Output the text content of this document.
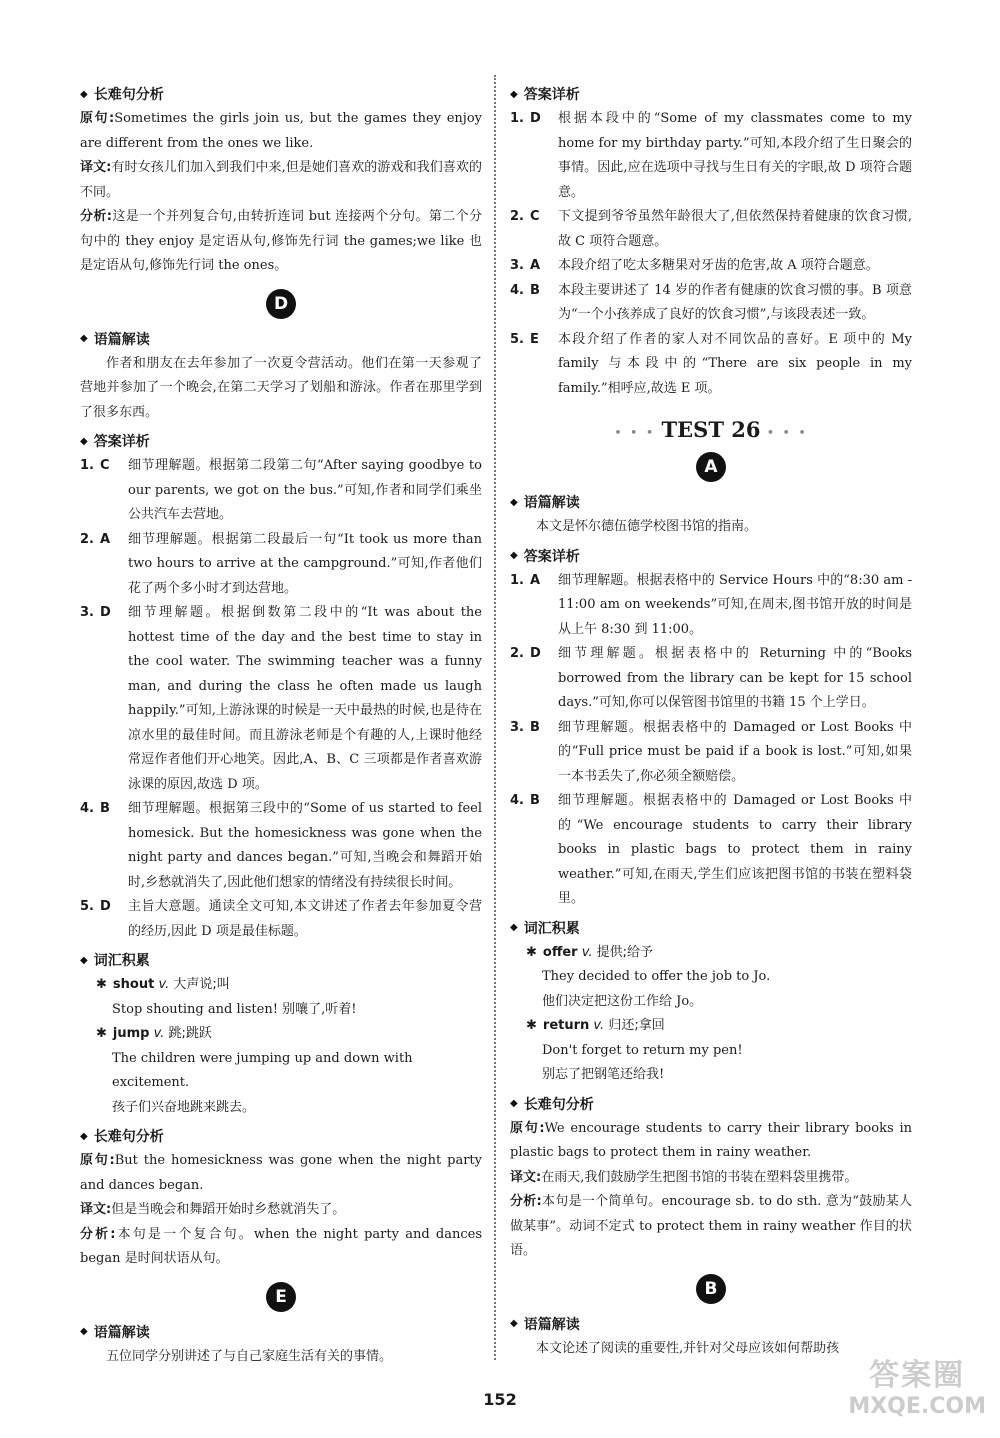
◆ 长难句分析

原句:Sometimes the girls join us, but the games they enjoy are different from the ones we like.

译文:有时女孩儿们加入到我们中来,但是她们喜欢的游戏和我们喜欢的不同。

分析:这是一个并列复合句,由转折连词 but 连接两个分句。第二个分句中的 they enjoy 是定语从句,修饰先行词 the games;we like 也是定语从句,修饰先行词 the ones。

D
◆ 语篇解读

作者和朋友在去年参加了一次夏令营活动。他们在第一天参观了营地并参加了一个晚会,在第二天学习了划船和游泳。作者在那里学到了很多东西。

◆ 答案详析
1. C	细节理解题。根据第二段第二句“After saying goodbye to our parents, we got on the bus.”可知,作者和同学们乘坐公共汽车去营地。
2. A	细节理解题。根据第二段最后一句“It took us more than two hours to arrive at the campground.”可知,作者他们花了两个多小时才到达营地。
3. D	细节理解题。根据倒数第二段中的“It was about the hottest time of the day and the best time to stay in the cool water. The swimming teacher was a funny man, and during the class he often made us laugh happily.”可知,上游泳课的时候是一天中最热的时候,也是待在凉水里的最佳时间。而且游泳老师是个有趣的人,上课时他经常逗作者他们开心地笑。因此,A、B、C 三项都是作者喜欢游泳课的原因,故选 D 项。
4. B	细节理解题。根据第三段中的“Some of us started to feel homesick. But the homesickness was gone when the night party and dances began.”可知,当晚会和舞蹈开始时,乡愁就消失了,因此他们想家的情绪没有持续很长时间。
5. D	主旨大意题。通读全文可知,本文讲述了作者去年参加夏令营的经历,因此 D 项是最佳标题。
◆ 词汇积累
✱ shout v. 大声说;叫
Stop shouting and listen! 别嚷了,听着!
✱ jump v. 跳;跳跃
The children were jumping up and down with excitement.
孩子们兴奋地跳来跳去。
◆ 长难句分析

原句:But the homesickness was gone when the night party and dances began.

译文:但是当晚会和舞蹈开始时乡愁就消失了。

分析:本句是一个复合句。when the night party and dances began 是时间状语从句。

E
◆ 语篇解读

五位同学分别讲述了与自己家庭生活有关的事情。

◆ 答案详析
1. D	根据本段中的“Some of my classmates come to my home for my birthday party.”可知,本段介绍了生日聚会的事情。因此,应在选项中寻找与生日有关的字眼,故 D 项符合题意。
2. C	下文提到爷爷虽然年龄很大了,但依然保持着健康的饮食习惯,故 C 项符合题意。
3. A	本段介绍了吃太多糖果对牙齿的危害,故 A 项符合题意。
4. B	本段主要讲述了 14 岁的作者有健康的饮食习惯的事。B 项意为“一个小孩养成了良好的饮食习惯”,与该段表述一致。
5. E	本段介绍了作者的家人对不同饮品的喜好。E 项中的 My family 与本段中的“There are six people in my family.”相呼应,故选 E 项。
• • • TEST 26 • • •
A
◆ 语篇解读

本文是怀尔德伍德学校图书馆的指南。

◆ 答案详析
1. A	细节理解题。根据表格中的 Service Hours 中的“8:30 am - 11:00 am on weekends”可知,在周末,图书馆开放的时间是从上午 8:30 到 11:00。
2. D	细节理解题。根据表格中的 Returning 中的“Books borrowed from the library can be kept for 15 school days.”可知,你可以保管图书馆里的书籍 15 个上学日。
3. B	细节理解题。根据表格中的 Damaged or Lost Books 中的“Full price must be paid if a book is lost.”可知,如果一本书丢失了,你必须全额赔偿。
4. B	细节理解题。根据表格中的 Damaged or Lost Books 中的“We encourage students to carry their library books in plastic bags to protect them in rainy weather.”可知,在雨天,学生们应该把图书馆的书装在塑料袋里。
◆ 词汇积累
✱ offer v. 提供;给予
They decided to offer the job to Jo.
他们决定把这份工作给 Jo。
✱ return v. 归还;拿回
Don't forget to return my pen!
别忘了把钢笔还给我!
◆ 长难句分析

原句:We encourage students to carry their library books in plastic bags to protect them in rainy weather.

译文:在雨天,我们鼓励学生把图书馆的书装在塑料袋里携带。

分析:本句是一个简单句。encourage sb. to do sth. 意为“鼓励某人做某事”。动词不定式 to protect them in rainy weather 作目的状语。

B
◆ 语篇解读

本文论述了阅读的重要性,并针对父母应该如何帮助孩

152
答案圈
MXQE.COM
